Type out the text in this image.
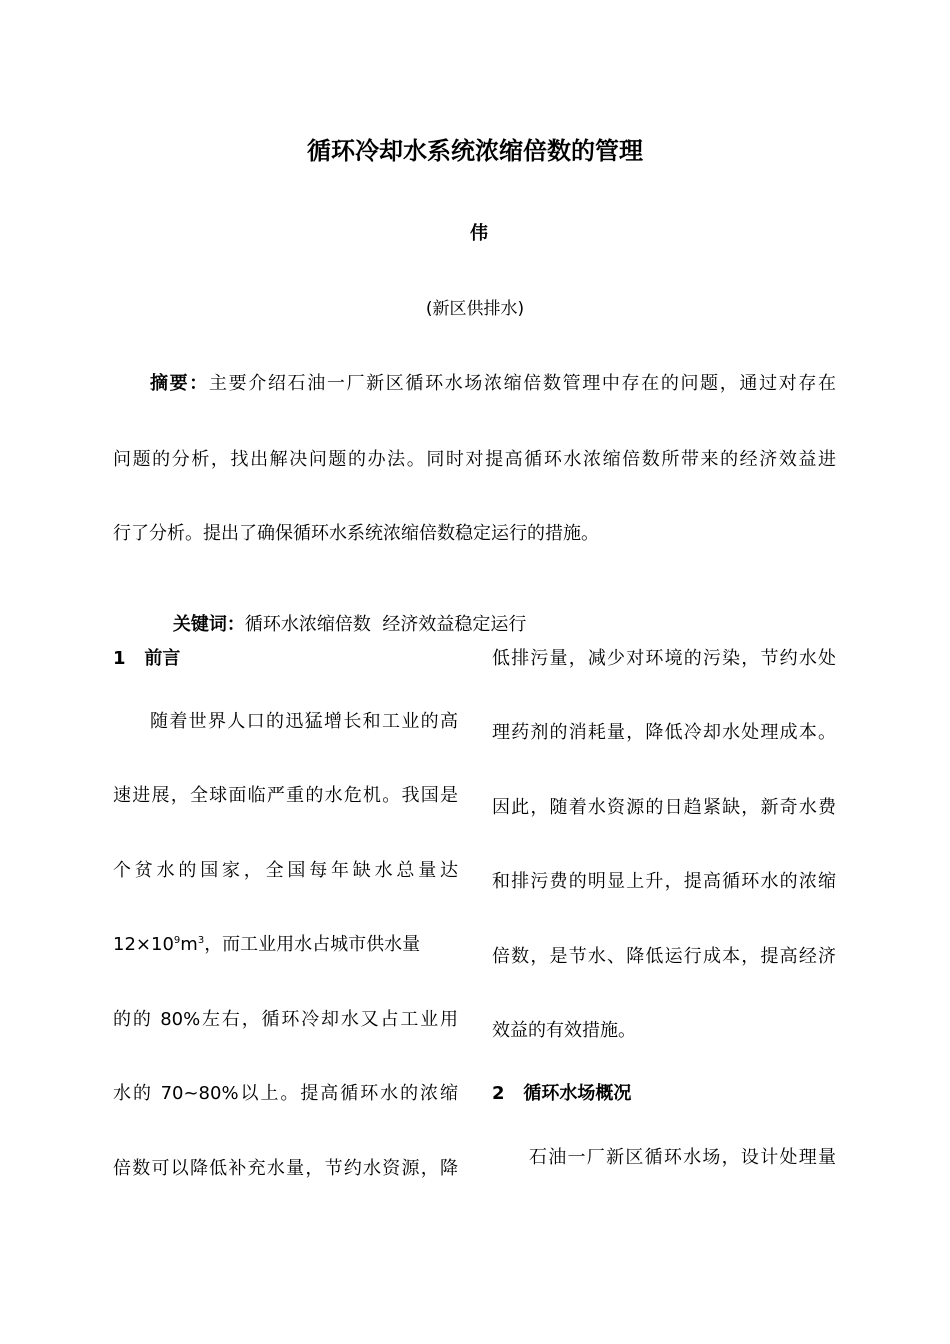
循环冷却水系统浓缩倍数的管理
伟
(新区供排水)
摘要：主要介绍石油一厂新区循环水场浓缩倍数管理中存在的问题，通过对存在
问题的分析，找出解决问题的办法。同时对提高循环水浓缩倍数所带来的经济效益进
行了分析。提出了确保循环水系统浓缩倍数稳定运行的措施。

关键词：循环水浓缩倍数  经济效益稳定运行

1   前言
随着世界人口的迅猛增长和工业的高
速进展，全球面临严重的水危机。我国是
个贫水的国家，全国每年缺水总量达
$12\times 10^9m^3$，而工业用水占城市供水量
的的 80%左右，循环冷却水又占工业用
水的 70~80%以上。提高循环水的浓缩
倍数可以降低补充水量，节约水资源，降
低排污量，减少对环境的污染，节约水处
理药剂的消耗量，降低冷却水处理成本。
因此，随着水资源的日趋紧缺，新奇水费
和排污费的明显上升，提高循环水的浓缩
倍数，是节水、降低运行成本，提高经济
效益的有效措施。
2   循环水场概况
石油一厂新区循环水场，设计处理量
